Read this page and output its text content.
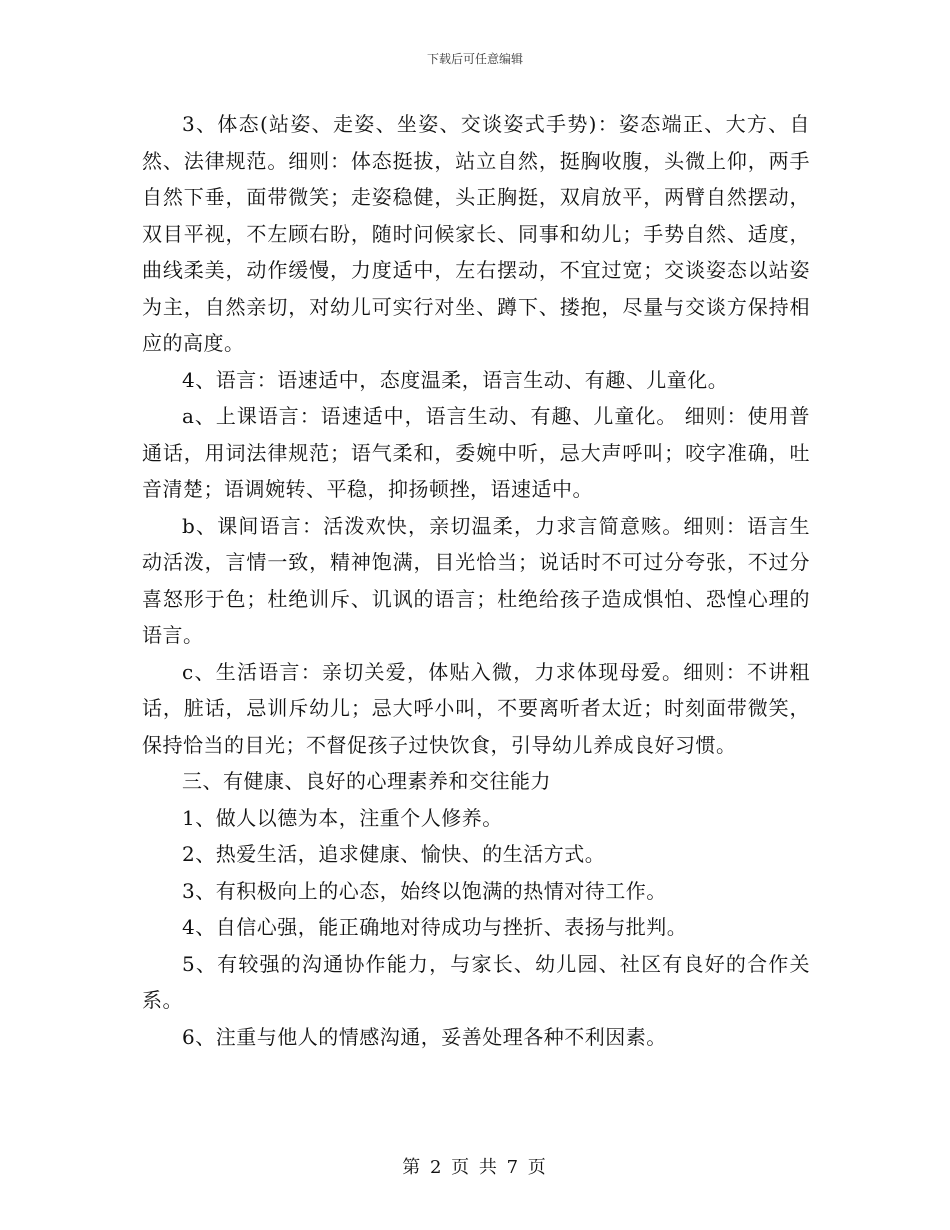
下载后可任意编辑

3、体态(站姿、走姿、坐姿、交谈姿式手势)：姿态端正、大方、自然、法律规范。细则：体态挺拔，站立自然，挺胸收腹，头微上仰，两手自然下垂，面带微笑；走姿稳健，头正胸挺，双肩放平，两臂自然摆动，双目平视，不左顾右盼，随时问候家长、同事和幼儿；手势自然、适度，曲线柔美，动作缓慢，力度适中，左右摆动，不宜过宽；交谈姿态以站姿为主，自然亲切，对幼儿可实行对坐、蹲下、搂抱，尽量与交谈方保持相应的高度。

4、语言：语速适中，态度温柔，语言生动、有趣、儿童化。

a、上课语言：语速适中，语言生动、有趣、儿童化。 细则：使用普通话，用词法律规范；语气柔和，委婉中听，忌大声呼叫；咬字准确，吐音清楚；语调婉转、平稳，抑扬顿挫，语速适中。

b、课间语言：活泼欢快，亲切温柔，力求言简意赅。细则：语言生动活泼，言情一致，精神饱满，目光恰当；说话时不可过分夸张，不过分喜怒形于色；杜绝训斥、讥讽的语言；杜绝给孩子造成惧怕、恐惶心理的语言。

c、生活语言：亲切关爱，体贴入微，力求体现母爱。细则：不讲粗话，脏话，忌训斥幼儿；忌大呼小叫，不要离听者太近；时刻面带微笑，保持恰当的目光；不督促孩子过快饮食，引导幼儿养成良好习惯。

三、有健康、良好的心理素养和交往能力

1、做人以德为本，注重个人修养。

2、热爱生活，追求健康、愉快、的生活方式。

3、有积极向上的心态，始终以饱满的热情对待工作。

4、自信心强，能正确地对待成功与挫折、表扬与批判。

5、有较强的沟通协作能力，与家长、幼儿园、社区有良好的合作关系。

6、注重与他人的情感沟通，妥善处理各种不利因素。

第 2 页 共 7 页
